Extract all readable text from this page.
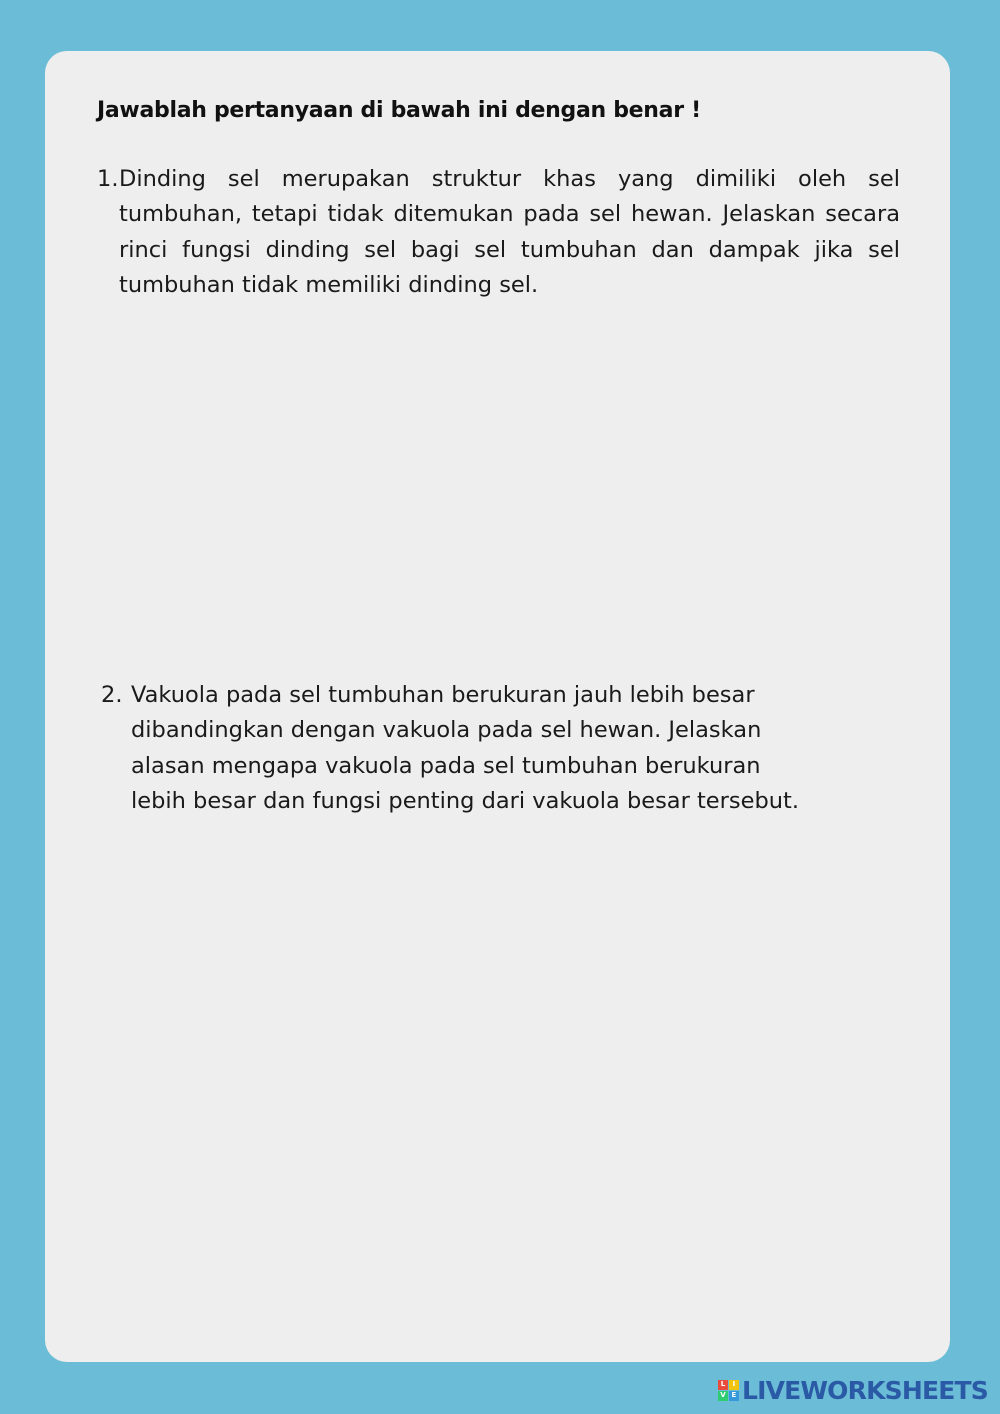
Jawablah pertanyaan di bawah ini dengan benar !

1. Dinding sel merupakan struktur khas yang dimiliki oleh sel tumbuhan, tetapi tidak ditemukan pada sel hewan. Jelaskan secara rinci fungsi dinding sel bagi sel tumbuhan dan dampak jika sel tumbuhan tidak memiliki dinding sel.
2. Vakuola pada sel tumbuhan berukuran jauh lebih besar
dibandingkan dengan vakuola pada sel hewan. Jelaskan
alasan mengapa vakuola pada sel tumbuhan berukuran
lebih besar dan fungsi penting dari vakuola besar tersebut.
L	I
V E LIVEWORKSHEETS
